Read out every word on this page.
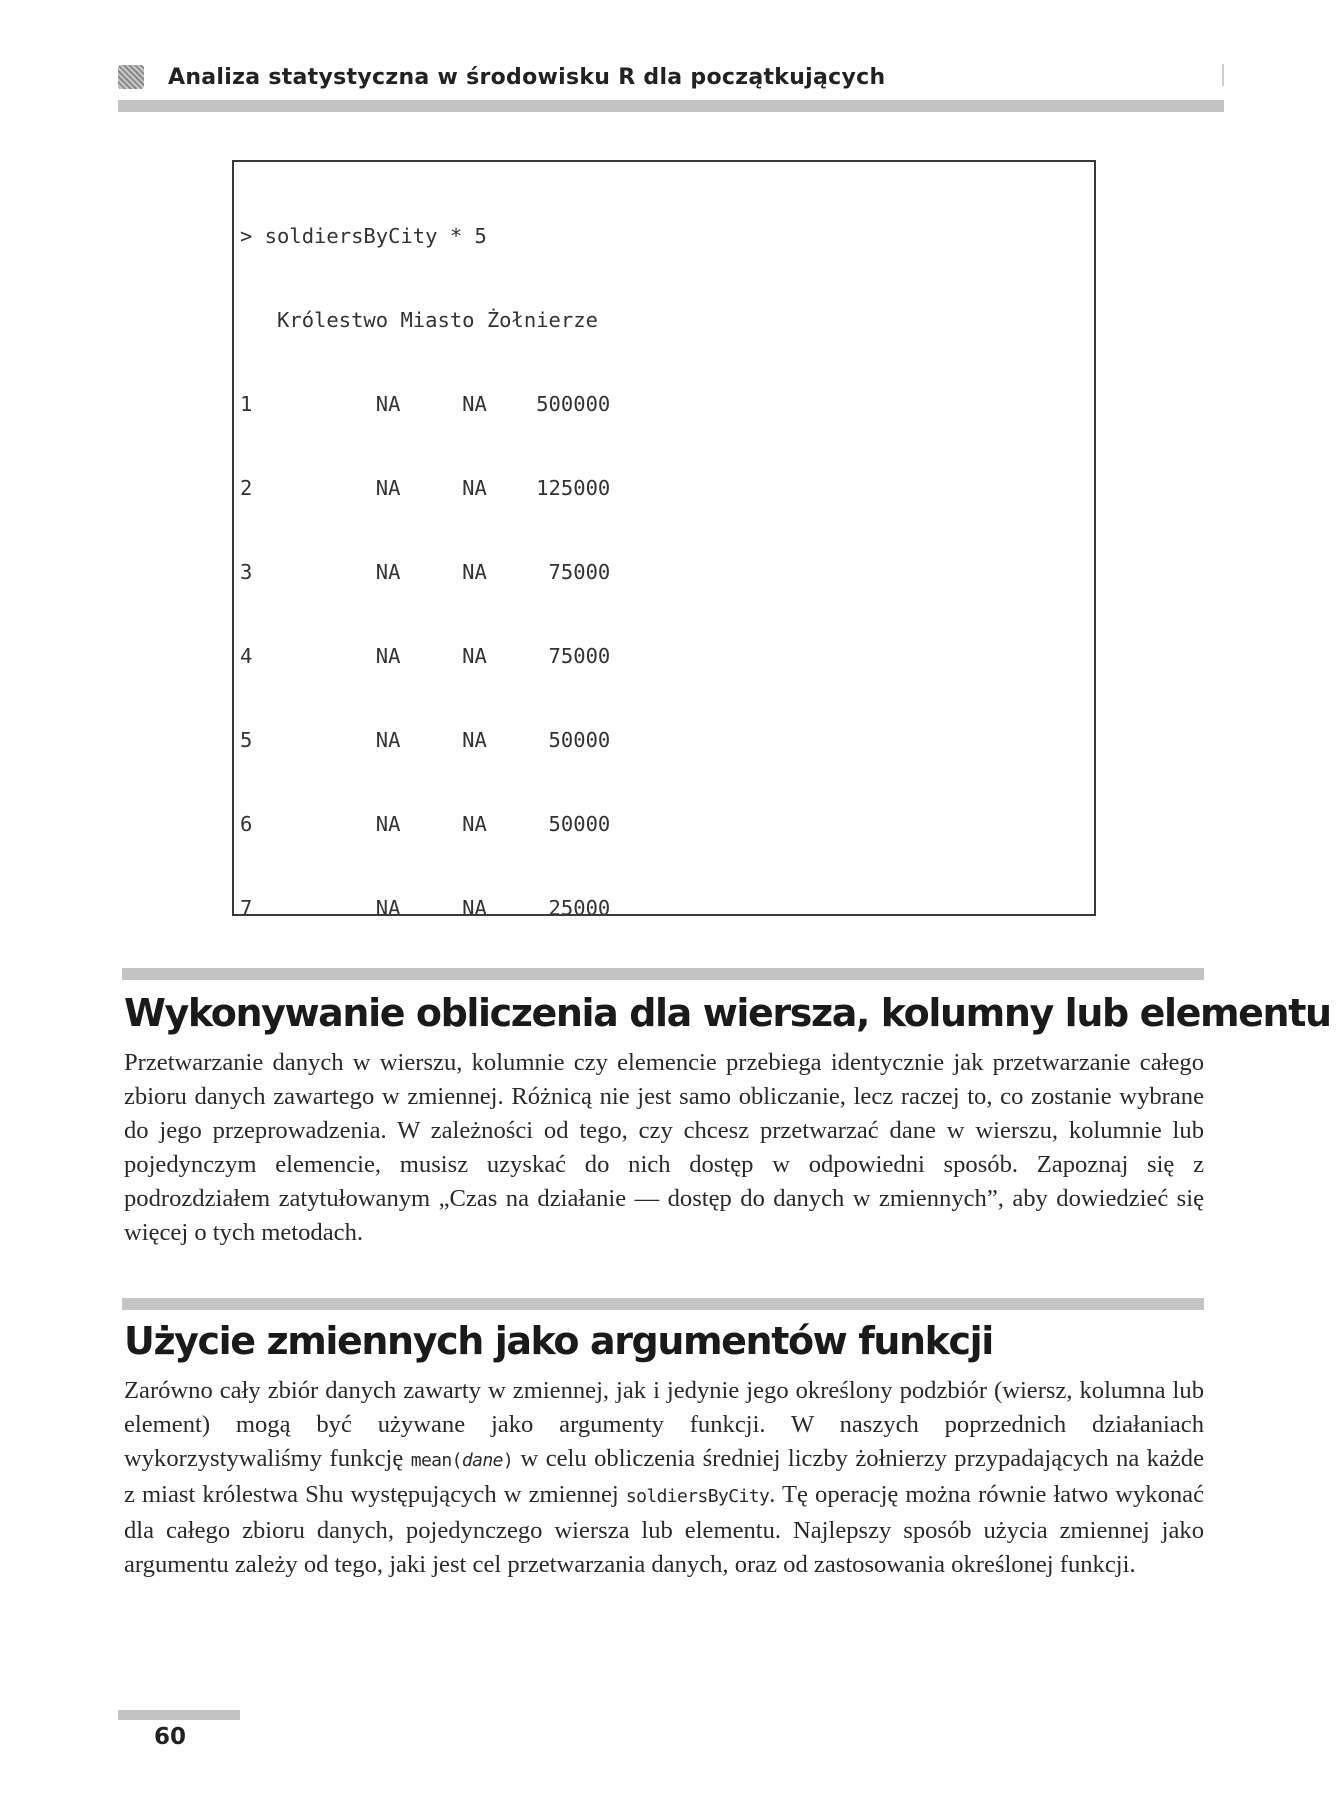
Analiza statystyczna w środowisku R dla początkujących

> soldiersByCity * 5

Królestwo Miasto Żołnierze

1          NA     NA    500000

2          NA     NA    125000

3          NA     NA     75000

4          NA     NA     75000

5          NA     NA     50000

6          NA     NA     50000

7          NA     NA     25000

Wykonywanie obliczenia dla wiersza, kolumny lub elementu

Przetwarzanie danych w wierszu, kolumnie czy elemencie przebiega identycznie jak przetwarzanie całego zbioru danych zawartego w zmiennej. Różnicą nie jest samo obliczanie, lecz raczej to, co zostanie wybrane do jego przeprowadzenia. W zależności od tego, czy chcesz przetwarzać dane w wierszu, kolumnie lub pojedynczym elemencie, musisz uzyskać do nich dostęp w odpowiedni sposób. Zapoznaj się z podrozdziałem zatytułowanym „Czas na działanie — dostęp do danych w zmiennych”, aby dowiedzieć się więcej o tych metodach.

Użycie zmiennych jako argumentów funkcji

Zarówno cały zbiór danych zawarty w zmiennej, jak i jedynie jego określony podzbiór (wiersz, kolumna lub element) mogą być używane jako argumenty funkcji. W naszych poprzednich działaniach wykorzystywaliśmy funkcję mean(dane) w celu obliczenia średniej liczby żołnierzy przypadających na każde z miast królestwa Shu występujących w zmiennej soldiersByCity. Tę operację można równie łatwo wykonać dla całego zbioru danych, pojedynczego wiersza lub elementu. Najlepszy sposób użycia zmiennej jako argumentu zależy od tego, jaki jest cel przetwarzania danych, oraz od zastosowania określonej funkcji.

60
